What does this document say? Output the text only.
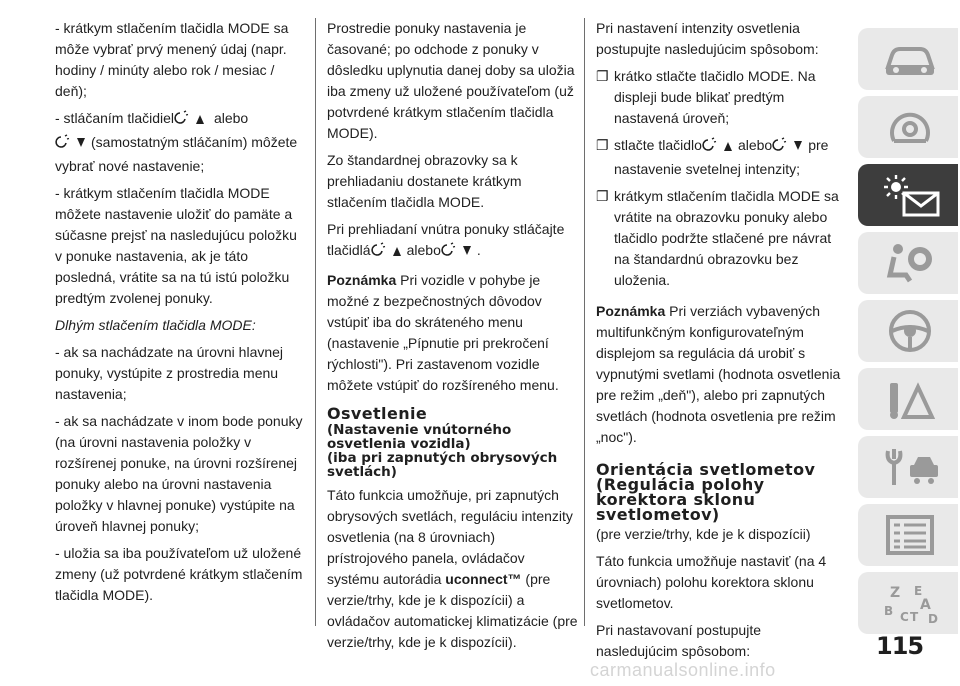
- krátkym stlačením tlačidla MODE sa môže vybrať prvý menený údaj (napr. hodiny / minúty alebo rok / mesiac / deň);

- stláčaním tlačidiel	alebo
(samostatným stláčaním) môžete vybrať nové nastavenie;

- krátkym stlačením tlačidla MODE môžete nastavenie uložiť do pamäte a súčasne prejsť na nasledujúcu položku v ponuke nastavenia, ak je táto posledná, vrátite sa na tú istú položku predtým zvolenej ponuky.

Dlhým stlačením tlačidla MODE:

- ak sa nachádzate na úrovni hlavnej ponuky, vystúpite z prostredia menu nastavenia;

- ak sa nachádzate v inom bode ponuky (na úrovni nastavenia položky v rozšírenej ponuke, na úrovni rozšírenej ponuky alebo na úrovni nastavenia položky v hlavnej ponuke) vystúpite na úroveň hlavnej ponuky;

- uložia sa iba používateľom už uložené zmeny (už potvrdené krátkym stlačením tlačidla MODE).

Prostredie ponuky nastavenia je časované; po odchode z ponuky v dôsledku uplynutia danej doby sa uložia iba zmeny už uložené používateľom (už potvrdené krátkym stlačením tlačidla MODE).

Zo štandardnej obrazovky sa k prehliadaniu dostanete krátkym stlačením tlačidla MODE.

Pri prehliadaní vnútra ponuky stláčajte tlačidlá	alebo	.

Poznámka Pri vozidle v pohybe je možné z bezpečnostných dôvodov vstúpiť iba do skráteného menu (nastavenie „Pípnutie pri prekročení rýchlosti"). Pri zastavenom vozidle môžete vstúpiť do rozšíreného menu.

Osvetlenie
(Nastavenie vnútorného osvetlenia vozidla)
(iba pri zapnutých obrysových svetlách)

Táto funkcia umožňuje, pri zapnutých obrysových svetlách, reguláciu intenzity osvetlenia (na 8 úrovniach) prístrojového panela, ovládačov systému autorádia uconnect™ (pre verzie/trhy, kde je k dispozícii) a ovládačov automatickej klimatizácie (pre verzie/trhy, kde je k dispozícii).

Pri nastavení intenzity osvetlenia postupujte nasledujúcim spôsobom:

❐ krátko stlačte tlačidlo MODE. Na displeji bude blikať predtým nastavená úroveň;
❐ stlačte tlačidlo	alebo	pre nastavenie svetelnej intenzity;
❐ krátkym stlačením tlačidla MODE sa vrátite na obrazovku ponuky alebo tlačidlo podržte stlačené pre návrat na štandardnú obrazovku bez uloženia.

Poznámka Pri verziách vybavených multifunkčným konfigurovateľným displejom sa regulácia dá urobiť s vypnutými svetlami (hodnota osvetlenia pre režim „deň"), alebo pri zapnutých svetlách (hodnota osvetlenia pre režim „noc").

Orientácia svetlometov (Regulácia polohy korektora sklonu svetlometov)

(pre verzie/trhy, kde je k dispozícii)

Táto funkcia umožňuje nastaviť (na 4 úrovniach) polohu korektora sklonu svetlometov.

Pri nastavovaní postupujte nasledujúcim spôsobom:

Z E
A
B C T D
115
carmanualsonline.info
